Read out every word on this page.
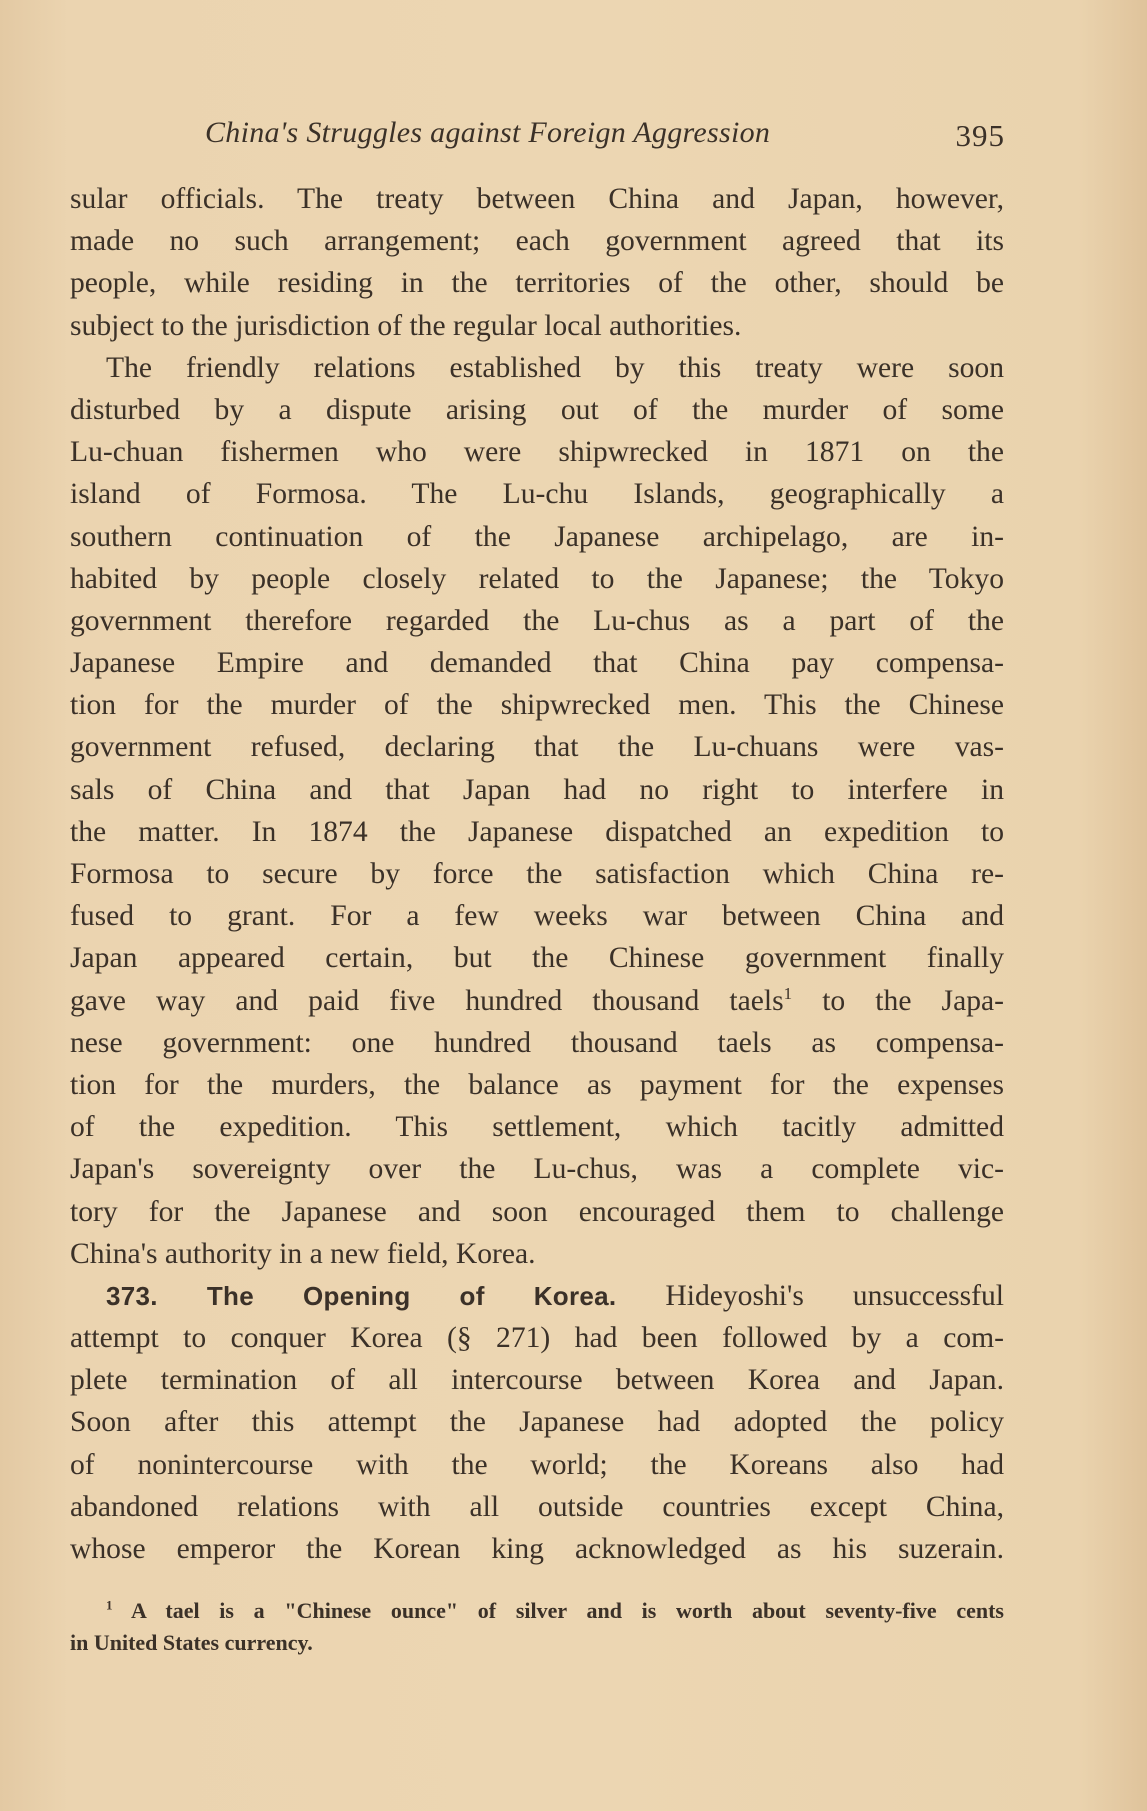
China's Struggles against Foreign Aggression	395
sular officials. The treaty between China and Japan, however,
made no such arrangement; each government agreed that its
people, while residing in the territories of the other, should be
subject to the jurisdiction of the regular local authorities.
The friendly relations established by this treaty were soon
disturbed by a dispute arising out of the murder of some
Lu-chuan fishermen who were shipwrecked in 1871 on the
island of Formosa. The Lu-chu Islands, geographically a
southern continuation of the Japanese archipelago, are in-
habited by people closely related to the Japanese; the Tokyo
government therefore regarded the Lu-chus as a part of the
Japanese Empire and demanded that China pay compensa-
tion for the murder of the shipwrecked men. This the Chinese
government refused, declaring that the Lu-chuans were vas-
sals of China and that Japan had no right to interfere in
the matter. In 1874 the Japanese dispatched an expedition to
Formosa to secure by force the satisfaction which China re-
fused to grant. For a few weeks war between China and
Japan appeared certain, but the Chinese government finally
gave way and paid five hundred thousand taels$^1$ to the Japa-
nese government: one hundred thousand taels as compensa-
tion for the murders, the balance as payment for the expenses
of the expedition. This settlement, which tacitly admitted
Japan's sovereignty over the Lu-chus, was a complete vic-
tory for the Japanese and soon encouraged them to challenge
China's authority in a new field, Korea.
373. The Opening of Korea. Hideyoshi's unsuccessful
attempt to conquer Korea (§ 271) had been followed by a com-
plete termination of all intercourse between Korea and Japan.
Soon after this attempt the Japanese had adopted the policy
of nonintercourse with the world; the Koreans also had
abandoned relations with all outside countries except China,
whose emperor the Korean king acknowledged as his suzerain.
$^1$ A tael is a "Chinese ounce" of silver and is worth about seventy-five cents
in United States currency.
